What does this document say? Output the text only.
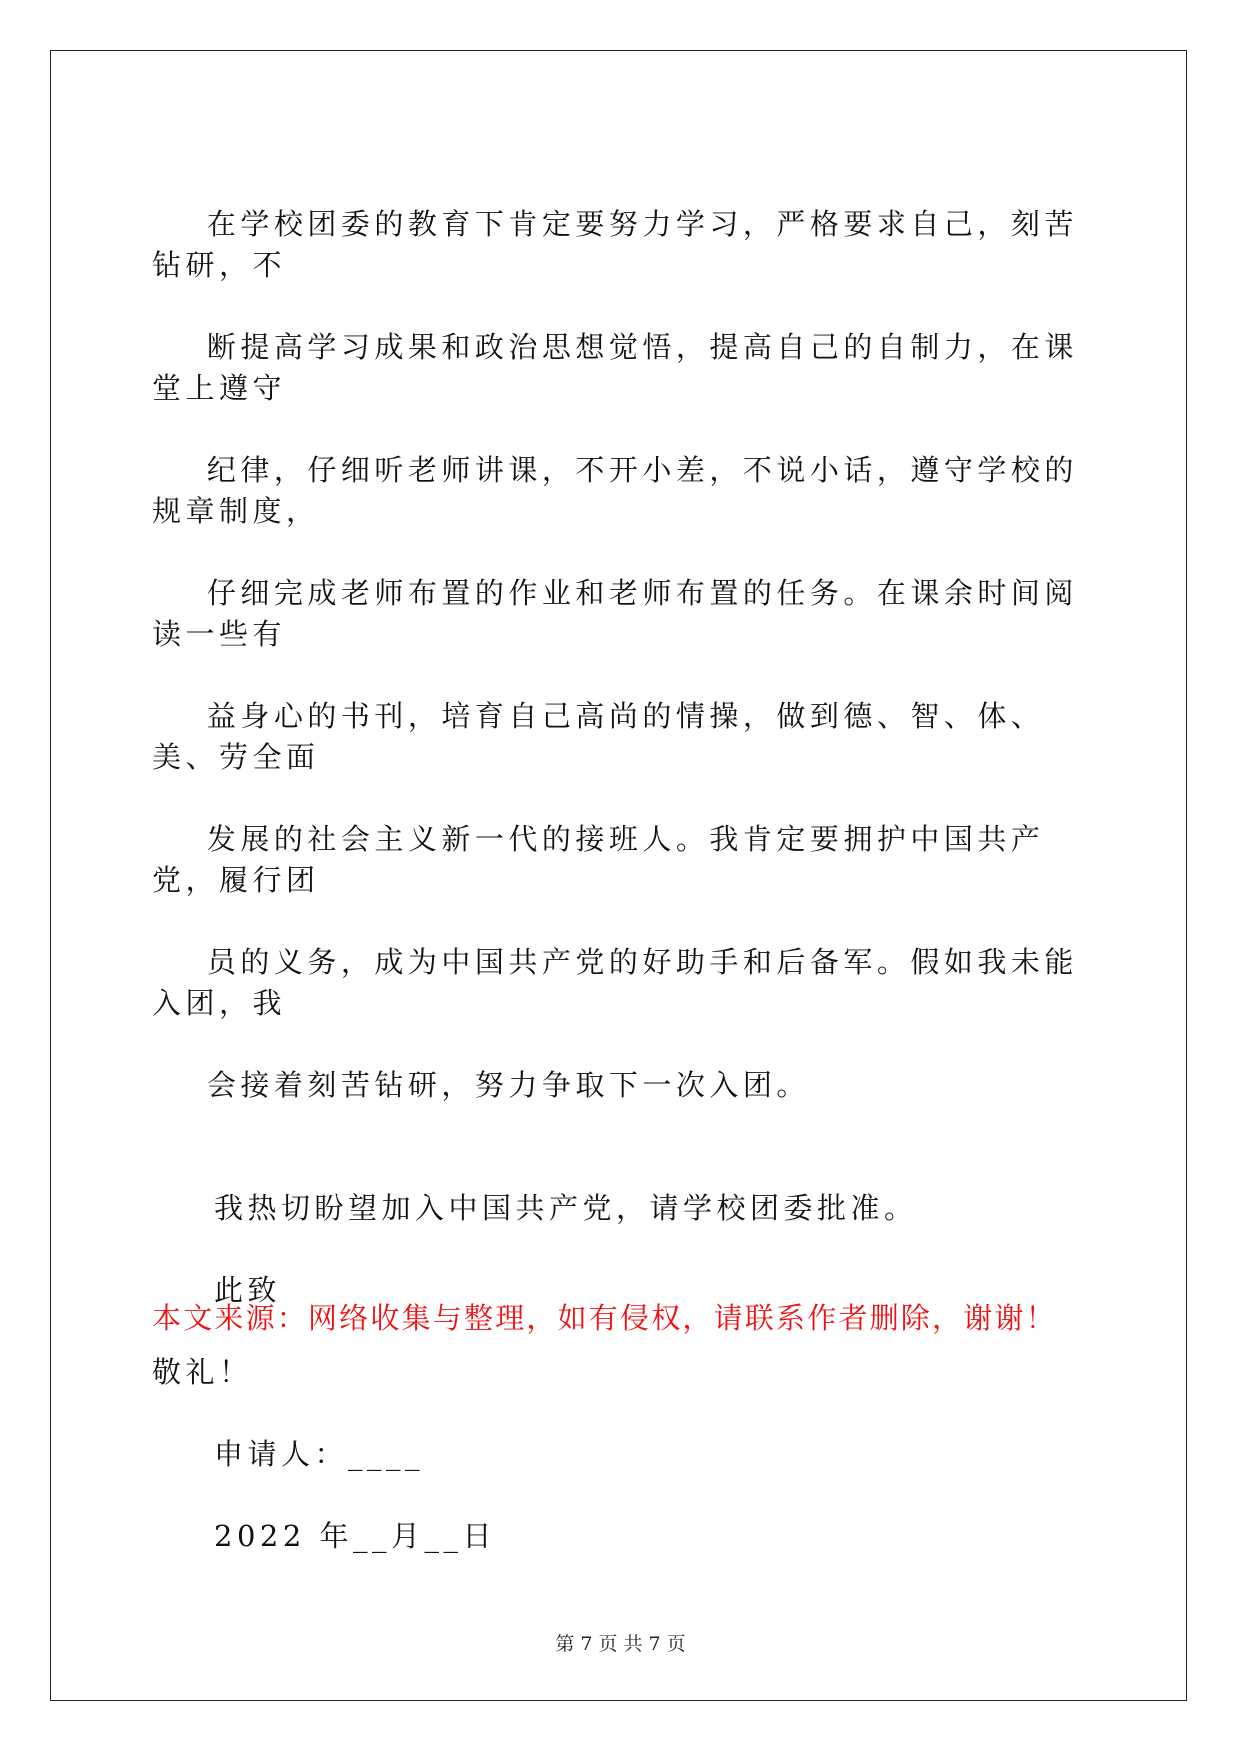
在学校团委的教育下肯定要努力学习，严格要求自己，刻苦钻研，不

断提高学习成果和政治思想觉悟，提高自己的自制力，在课堂上遵守

纪律，仔细听老师讲课，不开小差，不说小话，遵守学校的规章制度，

仔细完成老师布置的作业和老师布置的任务。在课余时间阅读一些有

益身心的书刊，培育自己高尚的情操，做到德、智、体、美、劳全面

发展的社会主义新一代的接班人。我肯定要拥护中国共产党，履行团

员的义务，成为中国共产党的好助手和后备军。假如我未能入团，我

会接着刻苦钻研，努力争取下一次入团。

我热切盼望加入中国共产党，请学校团委批准。

此致

敬礼！

申请人：____

2022 年__月__日

本文来源：网络收集与整理，如有侵权，请联系作者删除，谢谢！
第 7 页 共 7 页
